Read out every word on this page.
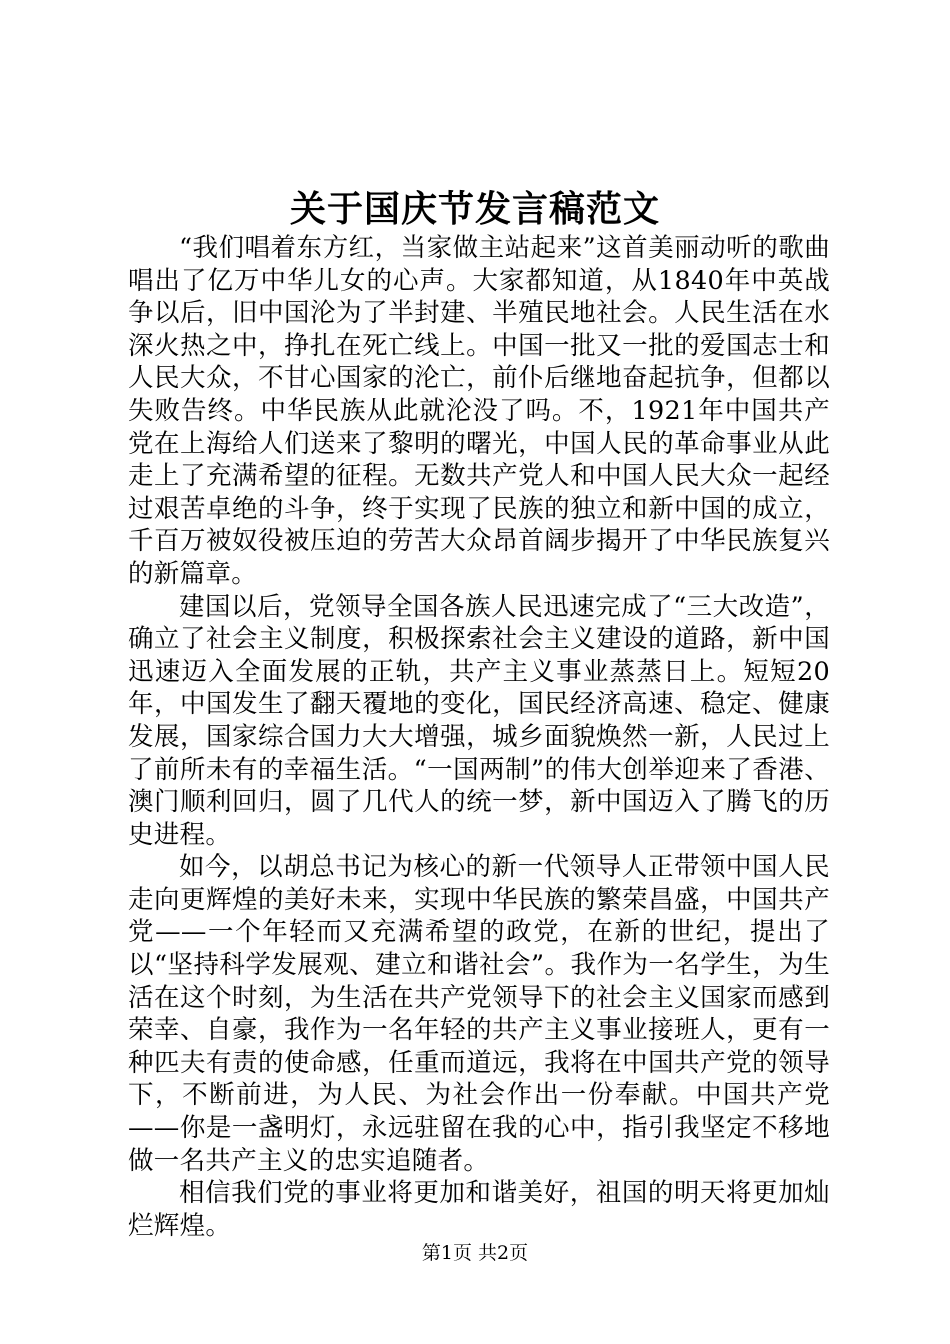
关于国庆节发言稿范文

“我们唱着东方红，当家做主站起来”这首美丽动听的歌曲唱出了亿万中华儿女的心声。大家都知道，从1840年中英战争以后，旧中国沦为了半封建、半殖民地社会。人民生活在水深火热之中，挣扎在死亡线上。中国一批又一批的爱国志士和人民大众，不甘心国家的沦亡，前仆后继地奋起抗争，但都以失败告终。中华民族从此就沦没了吗。不，1921年中国共产党在上海给人们送来了黎明的曙光，中国人民的革命事业从此走上了充满希望的征程。无数共产党人和中国人民大众一起经过艰苦卓绝的斗争，终于实现了民族的独立和新中国的成立，千百万被奴役被压迫的劳苦大众昂首阔步揭开了中华民族复兴的新篇章。

建国以后，党领导全国各族人民迅速完成了“三大改造”，确立了社会主义制度，积极探索社会主义建设的道路，新中国迅速迈入全面发展的正轨，共产主义事业蒸蒸日上。短短20年，中国发生了翻天覆地的变化，国民经济高速、稳定、健康发展，国家综合国力大大增强，城乡面貌焕然一新，人民过上了前所未有的幸福生活。“一国两制”的伟大创举迎来了香港、澳门顺利回归，圆了几代人的统一梦，新中国迈入了腾飞的历史进程。

如今，以胡总书记为核心的新一代领导人正带领中国人民走向更辉煌的美好未来，实现中华民族的繁荣昌盛，中国共产党——一个年轻而又充满希望的政党，在新的世纪，提出了以“坚持科学发展观、建立和谐社会”。我作为一名学生，为生活在这个时刻，为生活在共产党领导下的社会主义国家而感到荣幸、自豪，我作为一名年轻的共产主义事业接班人，更有一种匹夫有责的使命感，任重而道远，我将在中国共产党的领导下，不断前进，为人民、为社会作出一份奉献。中国共产党——你是一盏明灯，永远驻留在我的心中，指引我坚定不移地做一名共产主义的忠实追随者。

相信我们党的事业将更加和谐美好，祖国的明天将更加灿烂辉煌。

第1页 共2页
